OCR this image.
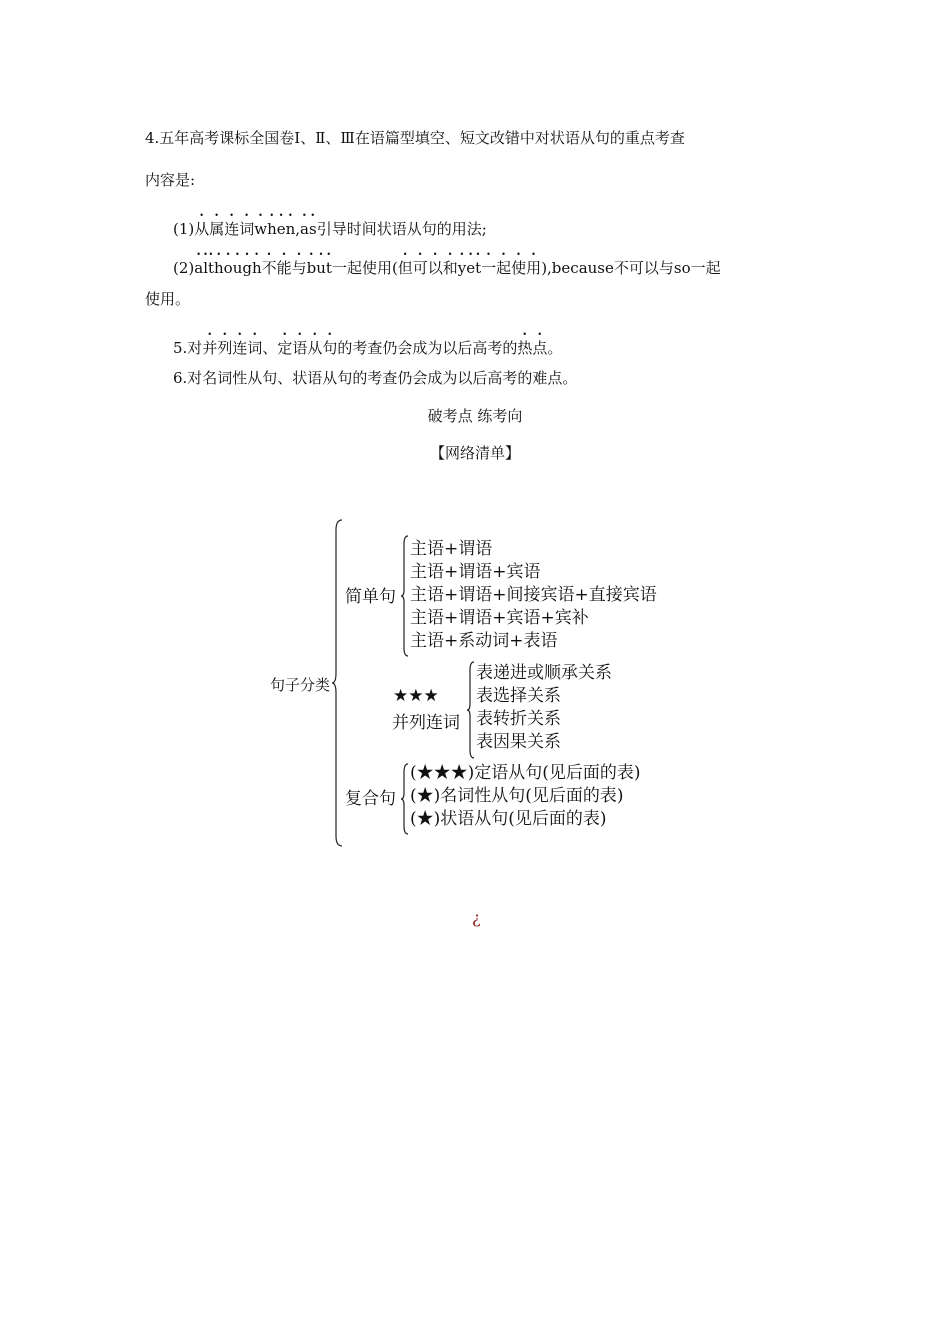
4.五年高考课标全国卷Ⅰ、Ⅱ、Ⅲ在语篇型填空、短文改错中对状语从句的重点考查
内容是:
(1)从属连词when,as引导时间状语从句的用法;
(2)although不能与but一起使用(但可以和yet一起使用),because不可以与so一起
使用。
5.对并列连词、定语从句的考查仍会成为以后高考的热点。
6.对名词性从句、状语从句的考查仍会成为以后高考的难点。
破考点 练考向
【网络清单】
句子分类
简单句
主语+谓语
主语+谓语+宾语
主语+谓语+间接宾语+直接宾语
主语+谓语+宾语+宾补
主语+系动词+表语
★★★
并列连词
表递进或顺承关系
表选择关系
表转折关系
表因果关系
复合句
(★★★)定语从句(见后面的表)
(★)名词性从句(见后面的表)
(★)状语从句(见后面的表)
¿
